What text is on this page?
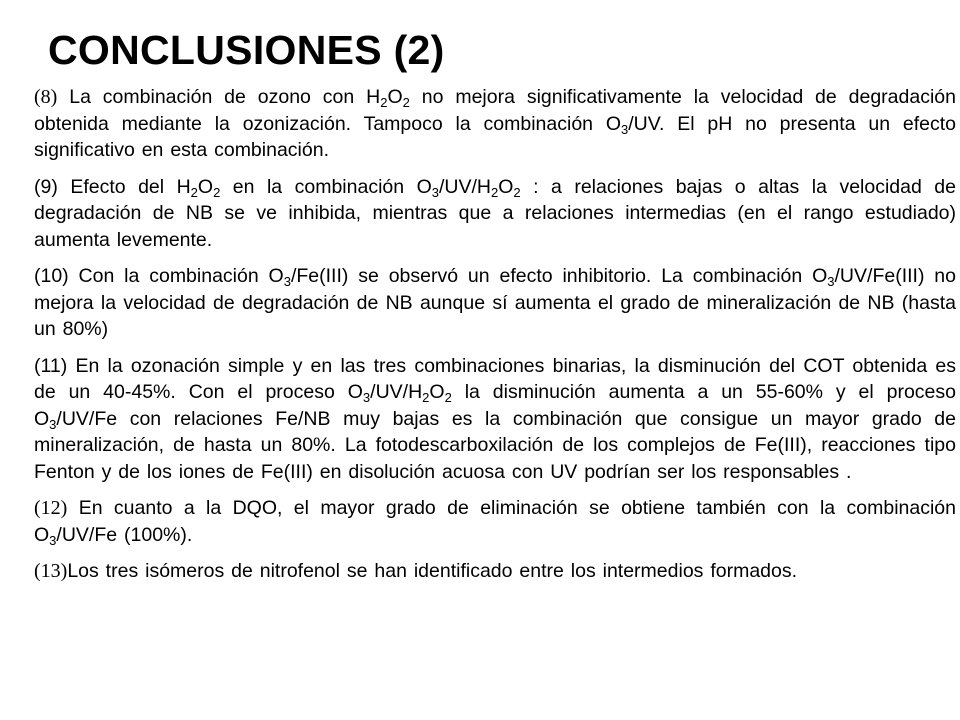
CONCLUSIONES (2)

(8) La combinación de ozono con $H_2O_2$ no mejora significativamente la velocidad de degradación obtenida mediante la ozonización. Tampoco la combinación $O_3/UV$. El pH no presenta un efecto significativo en esta combinación.

(9) Efecto del $H_2O_2$ en la combinación $O_3/UV/H_2O_2$ : a relaciones bajas o altas la velocidad de degradación de NB se ve inhibida, mientras que a relaciones intermedias (en el rango estudiado) aumenta levemente.

(10) Con la combinación $O_3/Fe(III)$ se observó un efecto inhibitorio. La combinación $O_3/UV/Fe(III)$ no mejora la velocidad de degradación de NB aunque sí aumenta el grado de mineralización de NB (hasta un 80%)

(11) En la ozonación simple y en las tres combinaciones binarias, la disminución del COT obtenida es de un 40-45%. Con el proceso $O_3/UV/H_2O_2$ la disminución aumenta a un 55-60% y el proceso $O_3/UV/Fe$ con relaciones Fe/NB muy bajas es la combinación que consigue un mayor grado de mineralización, de hasta un 80%. La fotodescarboxilación de los complejos de Fe(III), reacciones tipo Fenton y de los iones de Fe(III) en disolución acuosa con UV podrían ser los responsables .

(12) En cuanto a la DQO, el mayor grado de eliminación se obtiene también con la combinación $O_3/UV/Fe$ (100%).

(13)Los tres isómeros de nitrofenol se han identificado entre los intermedios formados.
